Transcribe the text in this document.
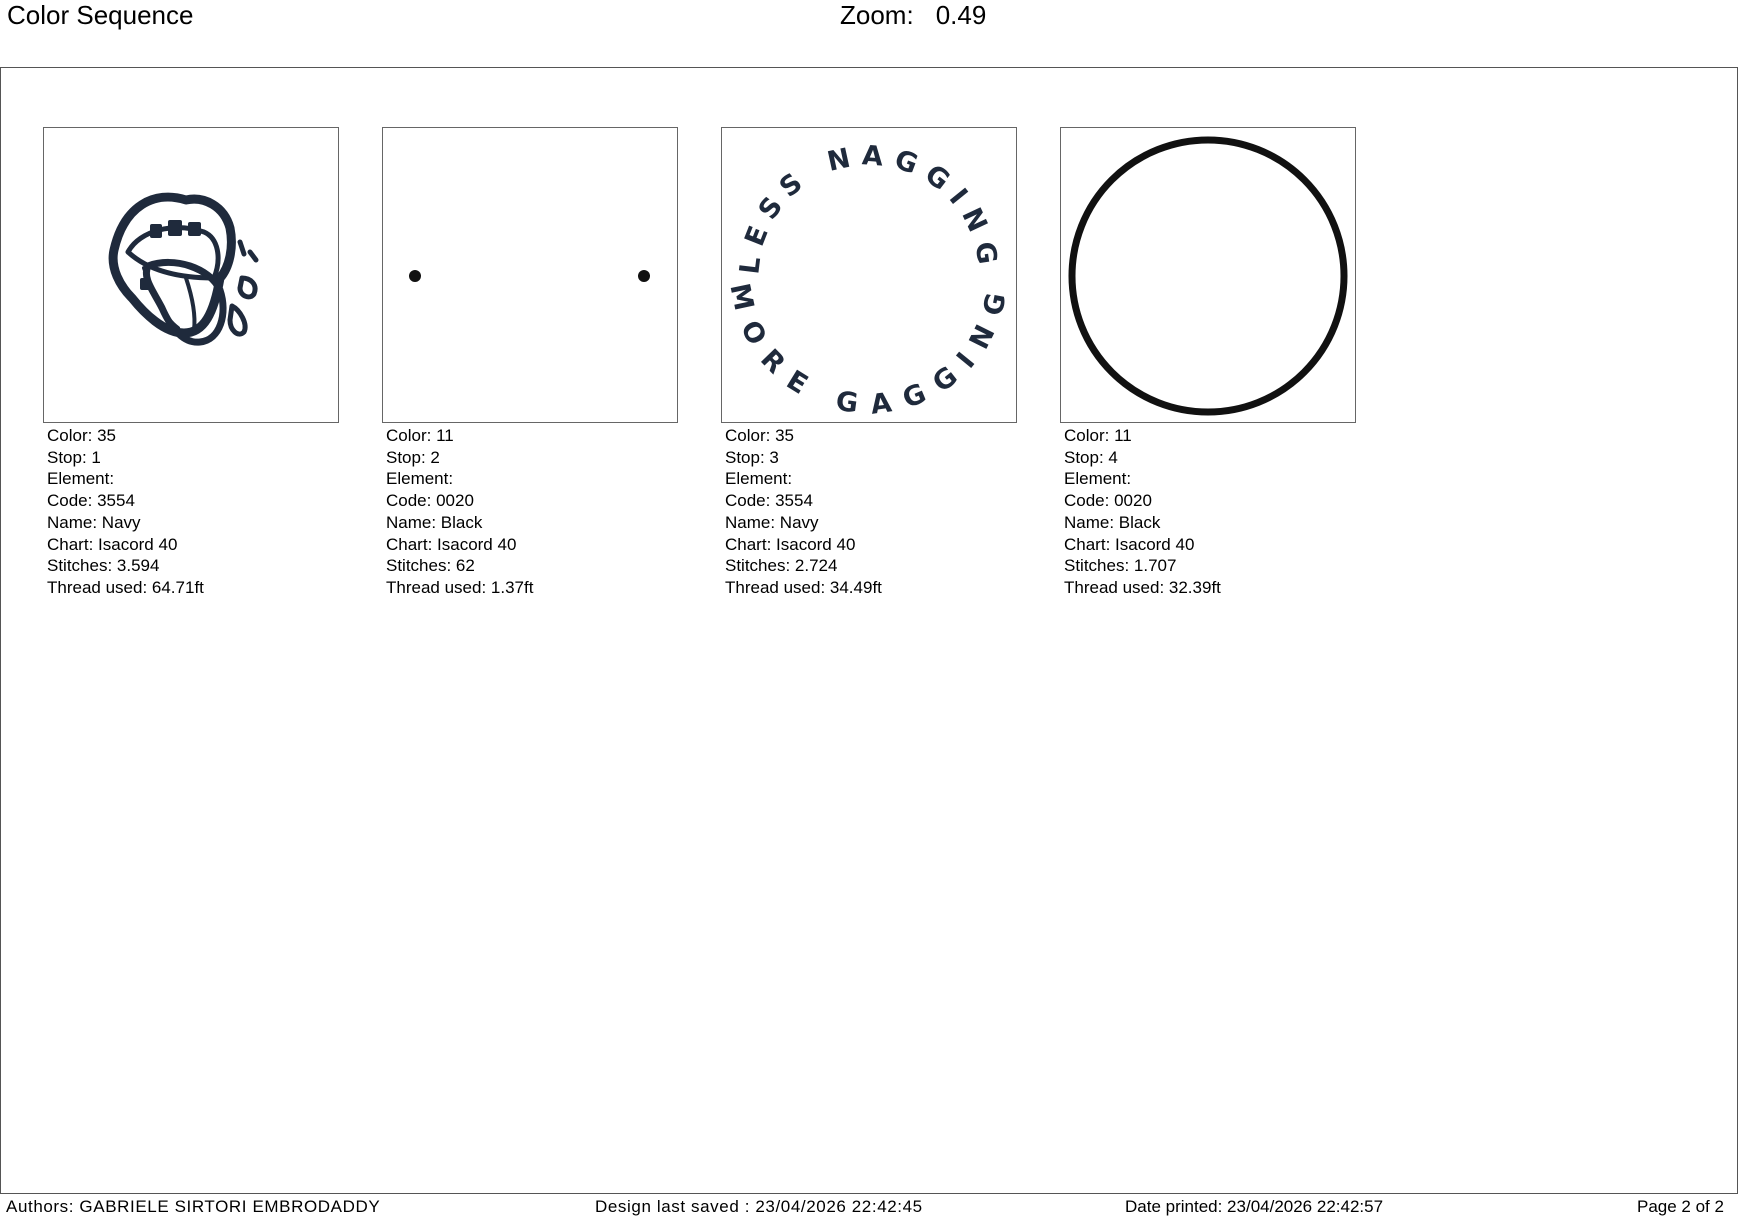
Color Sequence	Zoom: 0.49
Color: 35
Stop: 1
Element:
Code: 3554
Name: Navy
Chart: Isacord 40
Stitches: 3.594
Thread used: 64.71ft
Color: 11
Stop: 2
Element:
Code: 0020
Name: Black
Chart: Isacord 40
Stitches: 62
Thread used: 1.37ft
LESS NAGGING
MORE GAGGING
Color: 35
Stop: 3
Element:
Code: 3554
Name: Navy
Chart: Isacord 40
Stitches: 2.724
Thread used: 34.49ft
Color: 11
Stop: 4
Element:
Code: 0020
Name: Black
Chart: Isacord 40
Stitches: 1.707
Thread used: 32.39ft
Authors: GABRIELE SIRTORI EMBRODADDY	Design last saved : 23/04/2026 22:42:45	Date printed: 23/04/2026 22:42:57	Page 2 of 2
